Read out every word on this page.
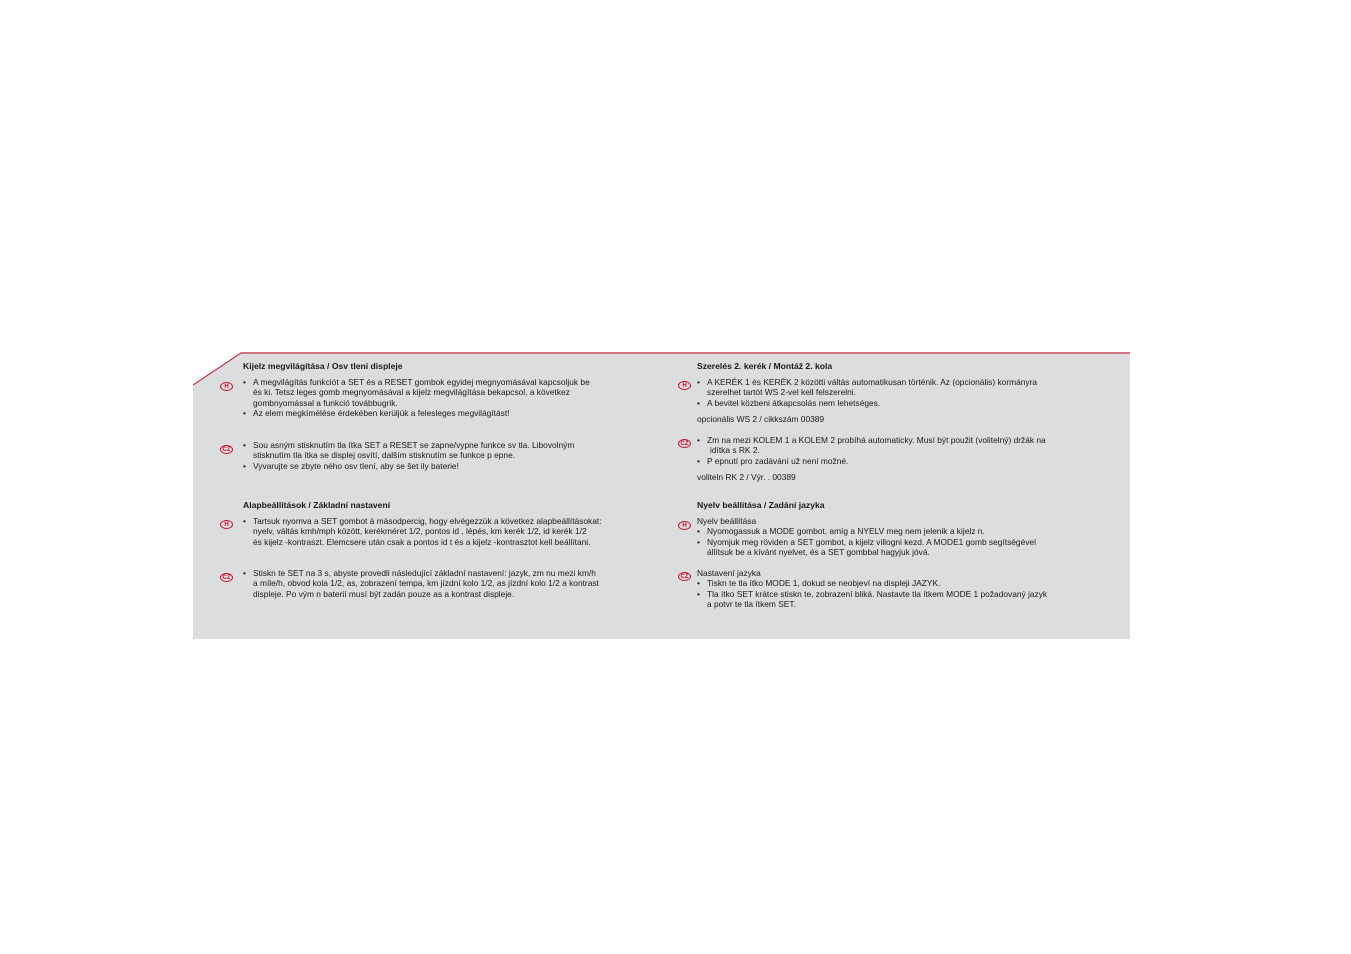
Kijelz megvilágítása / Osv tlení displeje
H	• A megvilágítás funkciót a SET és a RESET gombok egyidej megnyomásával kapcsoljuk be
és ki. Tetsz leges gomb megnyomásával a kijelz megvilágítása bekapcsol, a következ
gombnyomással a funkció továbbugrik.
• Az elem megkímélése érdekében kerüljük a felesleges megvilágítást!
CZ	• Sou asným stisknutím tla ítka SET a RESET se zapne/vypne funkce sv tla. Libovolným
stisknutím tla ítka se displej osvítí, dalším stisknutím se funkce p epne.
• Vyvarujte se zbyte ného osv tlení, aby se šet ily baterie!
Alapbeállítások / Základní nastavení
H	• Tartsuk nyomva a SET gombot á másodpercig, hogy elvégezzük a következ alapbeállításokat:
nyelv, váltás kmh/mph között, kerékméret 1/2, pontos id , lépés, km kerék 1/2, id kerék 1/2
és kijelz -kontraszt. Elemcsere után csak a pontos id t és a kijelz -kontrasztot kell beállítani.
CZ	• Stiskn te SET na 3 s, abyste provedli následující základní nastavení: jazyk, zm nu mezi km/h
a míle/h, obvod kola 1/2, as, zobrazení tempa, km jízdní kolo 1/2, as jízdní kolo 1/2 a kontrast
displeje. Po vým n baterií musí být zadán pouze as a kontrast displeje.
Szerelés 2. kerék / Montáž 2. kola
H	• A KERÉK 1 és KERÉK 2 közötti váltás automatikusan történik. Az (opcionális) kormányra
szerelhet tartót WS 2-vel kell felszerelni.
• A bevitel közbeni átkapcsolás nem lehetséges.
opcionális WS 2 / cikkszám 00389
CZ • Zm na mezi KOLEM 1 a KOLEM 2 probíhá automaticky. Musí být použit (volitelný) držák na
idítka s RK 2.
• P epnutí pro zadávání už není možné.
voliteln RK 2 / Výr. . 00389
Nyelv beállítása / Zadání jazyka
H	Nyelv beállítása
• Nyomogassuk a MODE gombot, amíg a NYELV meg nem jelenik a kijelz n.
• Nyomjuk meg röviden a SET gombot, a kijelz villogni kezd. A MODE1 gomb segítségével
állítsuk be a kívánt nyelvet, és a SET gombbal hagyjuk jóvá.
CZ Nastavení jazyka
• Tiskn te tla ítko MODE 1, dokud se neobjeví na displeji JAZYK.
• Tla ítko SET krátce stiskn te, zobrazení bliká. Nastavte tla ítkem MODE 1 požadovaný jazyk
a potvr te tla ítkem SET.
